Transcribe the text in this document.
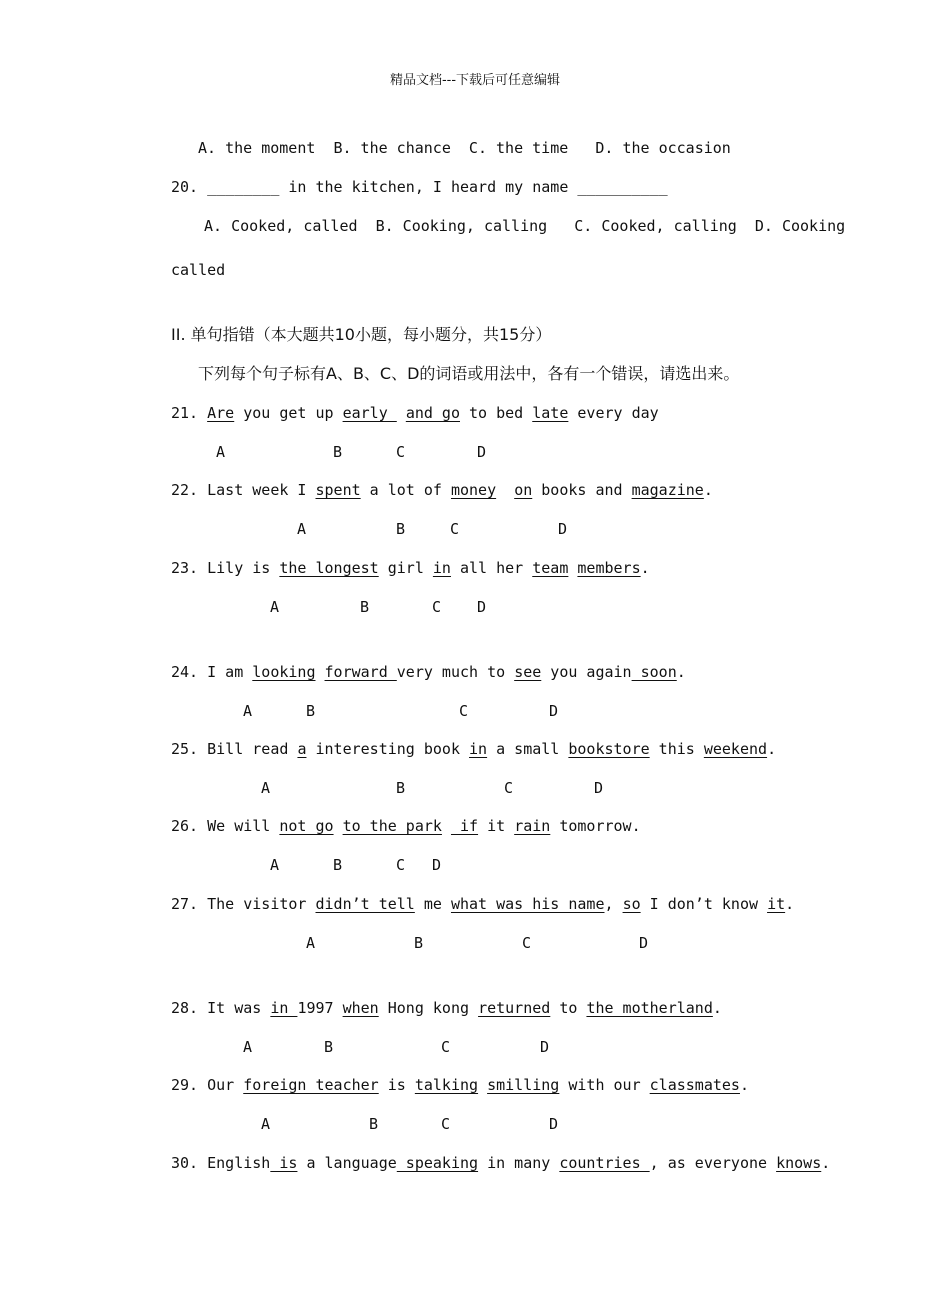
精品文档---下载后可任意编辑
A. the moment  B. the chance  C. the time   D. the occasion
20. ________ in the kitchen, I heard my name __________
A. Cooked, called  B. Cooking, calling   C. Cooked, calling  D. Cooking
called
II. 单句指错（本大题共10小题，每小题分，共15分）
下列每个句子标有A、B、C、D的词语或用法中，各有一个错误，请选出来。
21. Are you get up early  and go to bed late every day
A	B	C	D
22. Last week I spent a lot of money on books and magazine.
A	B	C	D
23. Lily is the longest girl in all her team members.
A	B	C D
24. I am looking forward very much to see you again soon.
A	B	C	D
25. Bill read a interesting book in a small bookstore this weekend.
A	B	C	D
26. We will not go to the park  if it rain tomorrow.
A	B	C D
27. The visitor didn’t tell me what was his name, so I don’t know it.
A	B	C	D
28. It was in 1997 when Hong kong returned to the motherland.
A	B	C	D
29. Our foreign teacher is talking smilling with our classmates.
A	B	C	D
30. English is a language speaking in many countries , as everyone knows.
